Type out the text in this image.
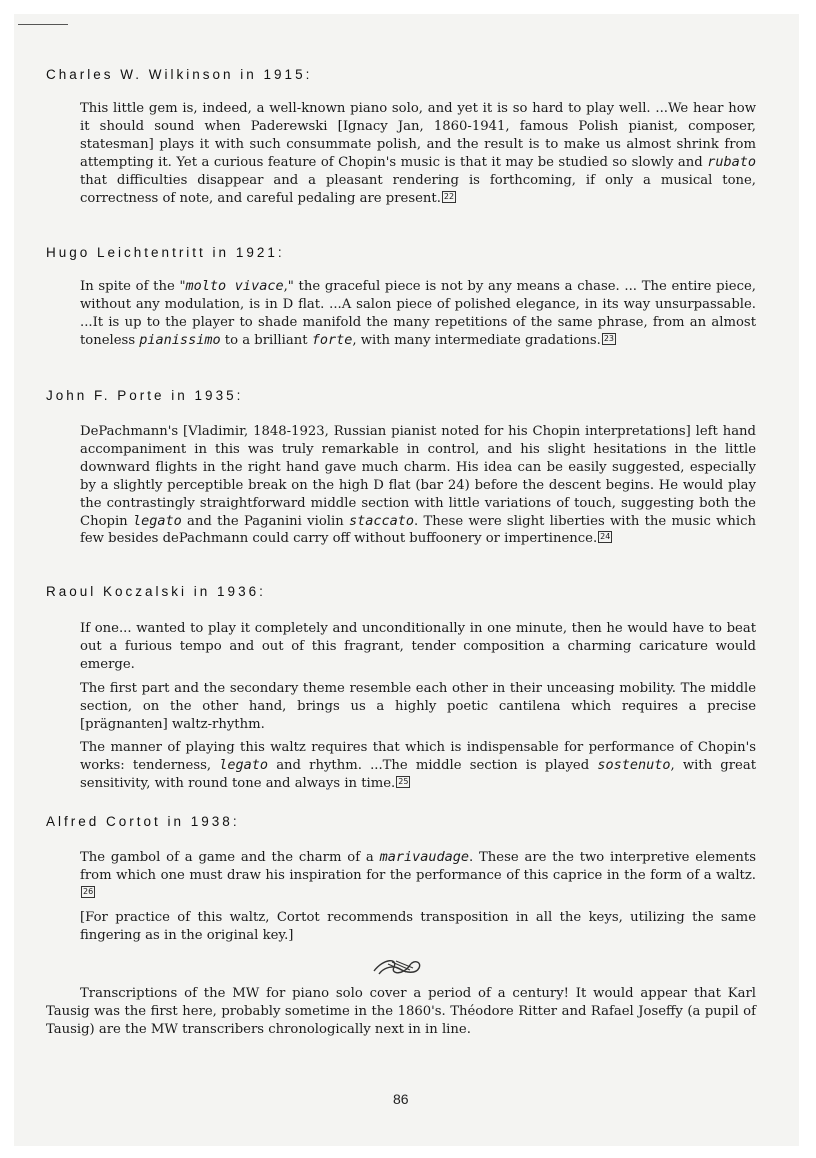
Charles W. Wilkinson in 1915:

This little gem is, indeed, a well-known piano solo, and yet it is so hard to play well. ...We hear how it should sound when Paderewski [Ignacy Jan, 1860-1941, famous Polish pianist, composer, statesman] plays it with such consummate polish, and the result is to make us almost shrink from attempting it. Yet a curious feature of Chopin's music is that it may be studied so slowly and rubato that difficulties disappear and a pleasant rendering is forthcoming, if only a musical tone, correctness of note, and careful pedaling are present. 22

Hugo Leichtentritt in 1921:

In spite of the "molto vivace," the graceful piece is not by any means a chase. ... The entire piece, without any modulation, is in D flat. ...A salon piece of polished elegance, in its way unsurpassable. ...It is up to the player to shade manifold the many repetitions of the same phrase, from an almost toneless pianissimo to a brilliant forte, with many intermediate gradations. 23

John F. Porte in 1935:

DePachmann's [Vladimir, 1848-1923, Russian pianist noted for his Chopin interpretations] left hand accompaniment in this was truly remarkable in control, and his slight hesitations in the little downward flights in the right hand gave much charm. His idea can be easily suggested, especially by a slightly perceptible break on the high D flat (bar 24) before the descent begins. He would play the contrastingly straightforward middle section with little variations of touch, suggesting both the Chopin legato and the Paganini violin staccato. These were slight liberties with the music which few besides dePachmann could carry off without buffoonery or impertinence. 24

Raoul Koczalski in 1936:

If one... wanted to play it completely and unconditionally in one minute, then he would have to beat out a furious tempo and out of this fragrant, tender composition a charming caricature would emerge.

The first part and the secondary theme resemble each other in their unceasing mobility. The middle section, on the other hand, brings us a highly poetic cantilena which requires a precise [prägnanten] waltz-rhythm.

The manner of playing this waltz requires that which is indispensable for performance of Chopin's works: tenderness, legato and rhythm. ...The middle section is played sostenuto, with great sensitivity, with round tone and always in time. 25

Alfred Cortot in 1938:

The gambol of a game and the charm of a marivaudage. These are the two interpretive elements from which one must draw his inspiration for the performance of this caprice in the form of a waltz.26

[For practice of this waltz, Cortot recommends transposition in all the keys, utilizing the same fingering as in the original key.]

Transcriptions of the MW for piano solo cover a period of a century! It would appear that Karl Tausig was the first here, probably sometime in the 1860's. Théodore Ritter and Rafael Joseffy (a pupil of Tausig) are the MW transcribers chronologically next in in line.
86
